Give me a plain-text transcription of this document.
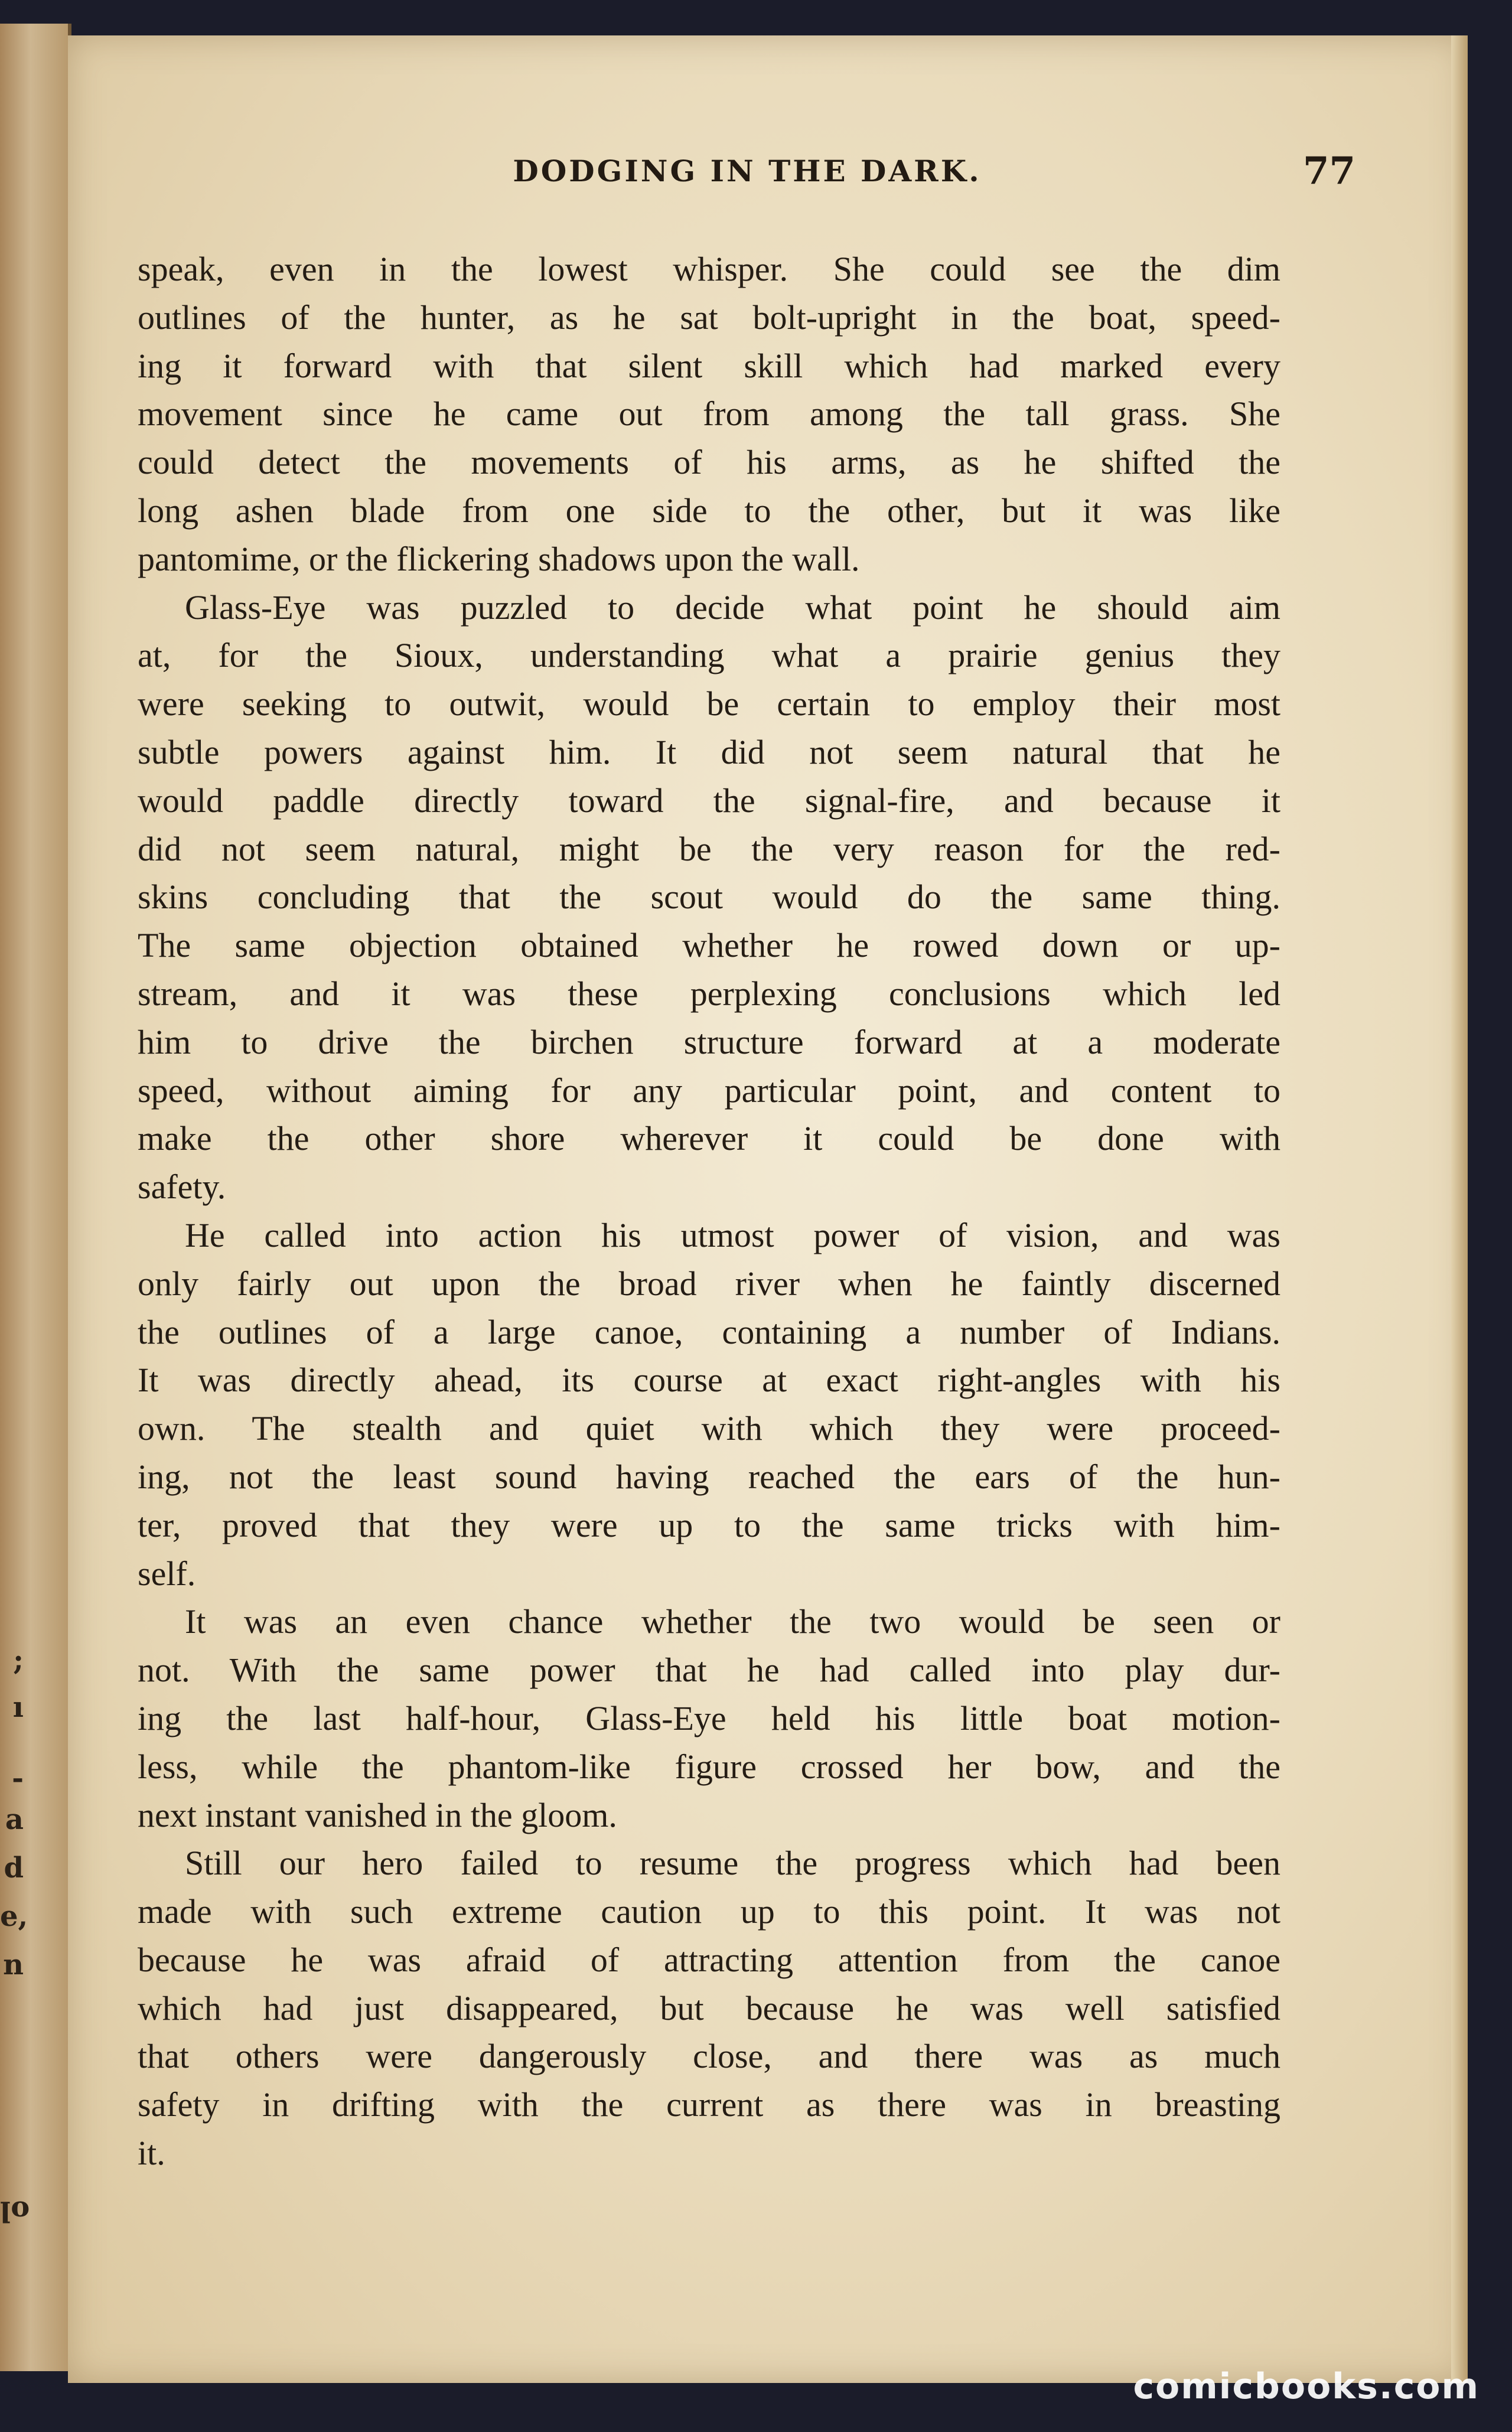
;
ı
-
a
d
e,
n
ꞁo
DODGING IN THE DARK.	77
speak, even in the lowest whisper. She could see the dim
outlines of the hunter, as he sat bolt-upright in the boat, speed-
ing it forward with that silent skill which had marked every
movement since he came out from among the tall grass. She
could detect the movements of his arms, as he shifted the
long ashen blade from one side to the other, but it was like
pantomime, or the flickering shadows upon the wall.
Glass-Eye was puzzled to decide what point he should aim
at, for the Sioux, understanding what a prairie genius they
were seeking to outwit, would be certain to employ their most
subtle powers against him. It did not seem natural that he
would paddle directly toward the signal-fire, and because it
did not seem natural, might be the very reason for the red-
skins concluding that the scout would do the same thing.
The same objection obtained whether he rowed down or up-
stream, and it was these perplexing conclusions which led
him to drive the birchen structure forward at a moderate
speed, without aiming for any particular point, and content to
make the other shore wherever it could be done with
safety.
He called into action his utmost power of vision, and was
only fairly out upon the broad river when he faintly discerned
the outlines of a large canoe, containing a number of Indians.
It was directly ahead, its course at exact right-angles with his
own. The stealth and quiet with which they were proceed-
ing, not the least sound having reached the ears of the hun-
ter, proved that they were up to the same tricks with him-
self.
It was an even chance whether the two would be seen or
not. With the same power that he had called into play dur-
ing the last half-hour, Glass-Eye held his little boat motion-
less, while the phantom-like figure crossed her bow, and the
next instant vanished in the gloom.
Still our hero failed to resume the progress which had been
made with such extreme caution up to this point. It was not
because he was afraid of attracting attention from the canoe
which had just disappeared, but because he was well satisfied
that others were dangerously close, and there was as much
safety in drifting with the current as there was in breasting
it.
comicbooks.com
